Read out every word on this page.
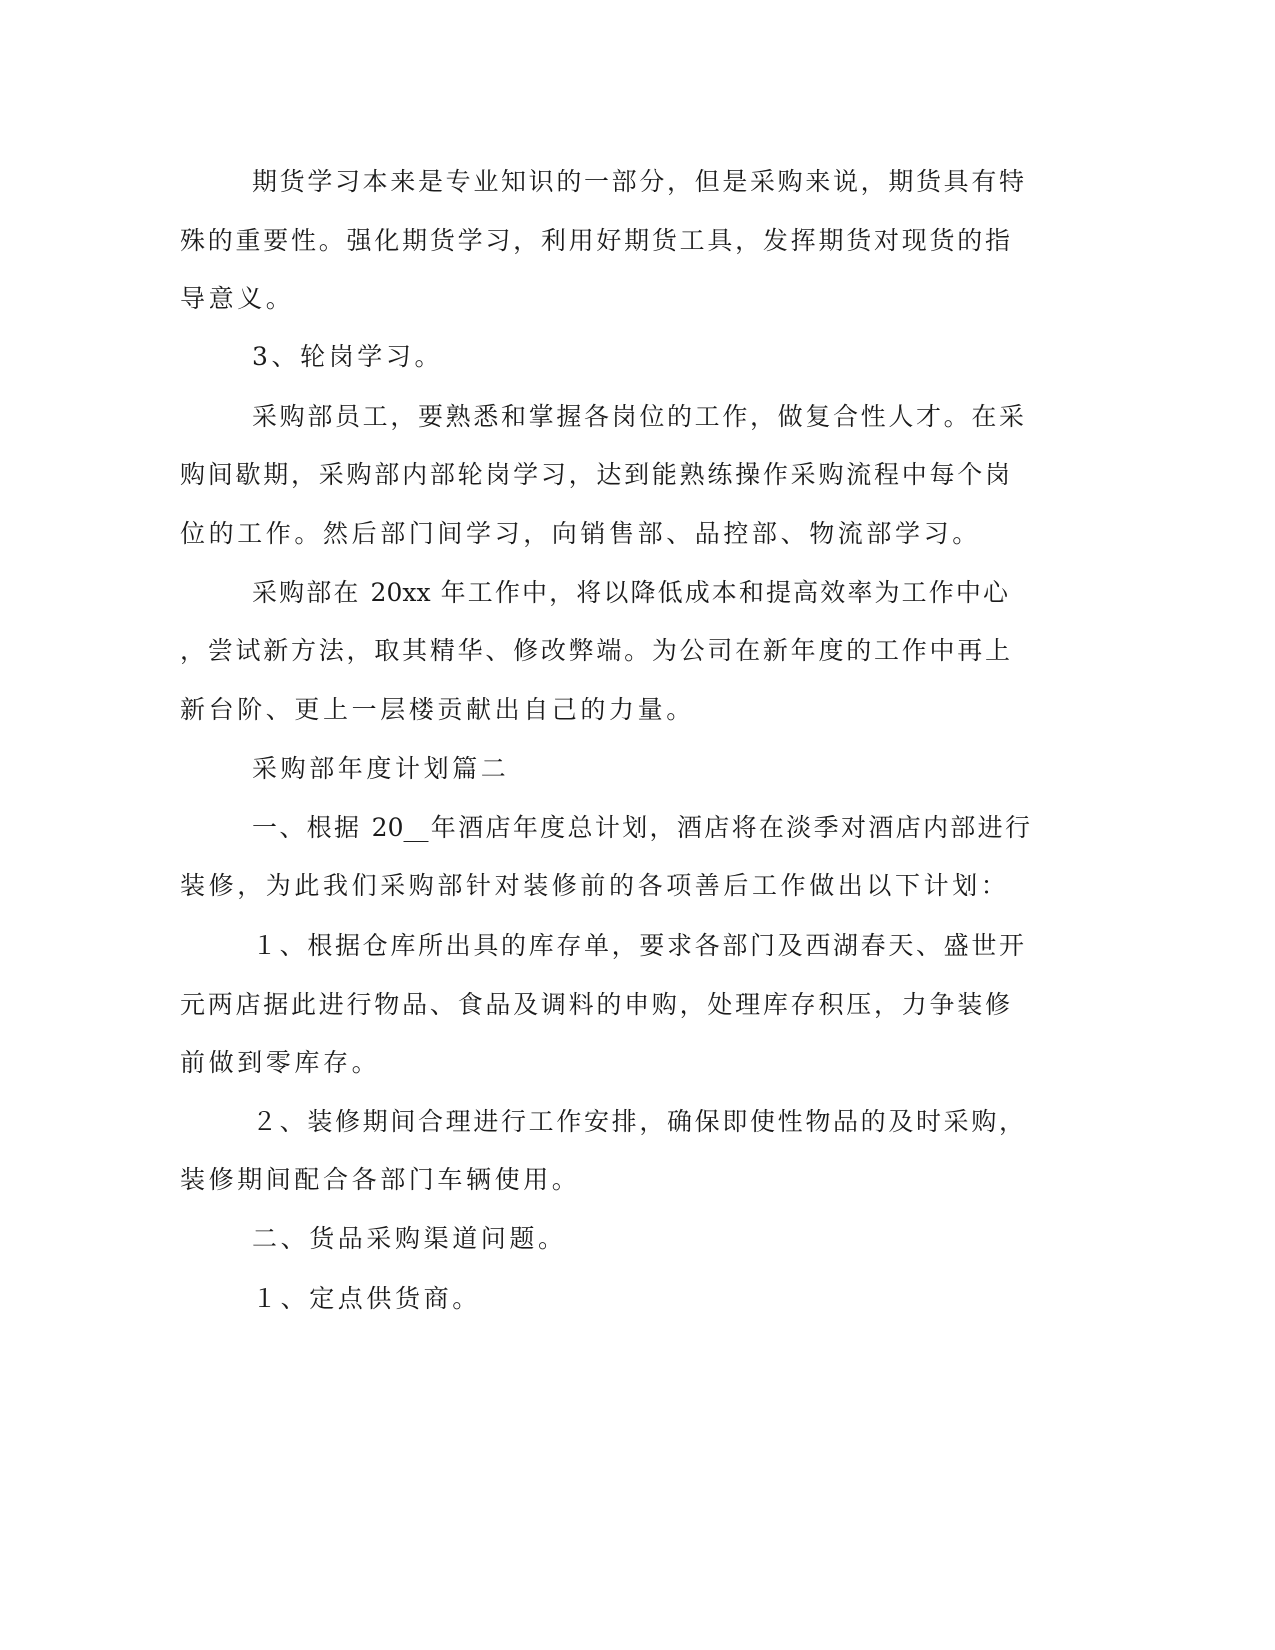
期货学习本来是专业知识的一部分，但是采购来说，期货具有特
殊的重要性。强化期货学习，利用好期货工具，发挥期货对现货的指
导意义。
3、轮岗学习。
采购部员工，要熟悉和掌握各岗位的工作，做复合性人才。在采
购间歇期，采购部内部轮岗学习，达到能熟练操作采购流程中每个岗
位的工作。然后部门间学习，向销售部、品控部、物流部学习。
采购部在 20xx 年工作中，将以降低成本和提高效率为工作中心
，尝试新方法，取其精华、修改弊端。为公司在新年度的工作中再上
新台阶、更上一层楼贡献出自己的力量。
采购部年度计划篇二
一、根据 20__年酒店年度总计划，酒店将在淡季对酒店内部进行
装修，为此我们采购部针对装修前的各项善后工作做出以下计划：
１、根据仓库所出具的库存单，要求各部门及西湖春天、盛世开
元两店据此进行物品、食品及调料的申购，处理库存积压，力争装修
前做到零库存。
２、装修期间合理进行工作安排，确保即使性物品的及时采购，
装修期间配合各部门车辆使用。
二、货品采购渠道问题。
１、定点供货商。
